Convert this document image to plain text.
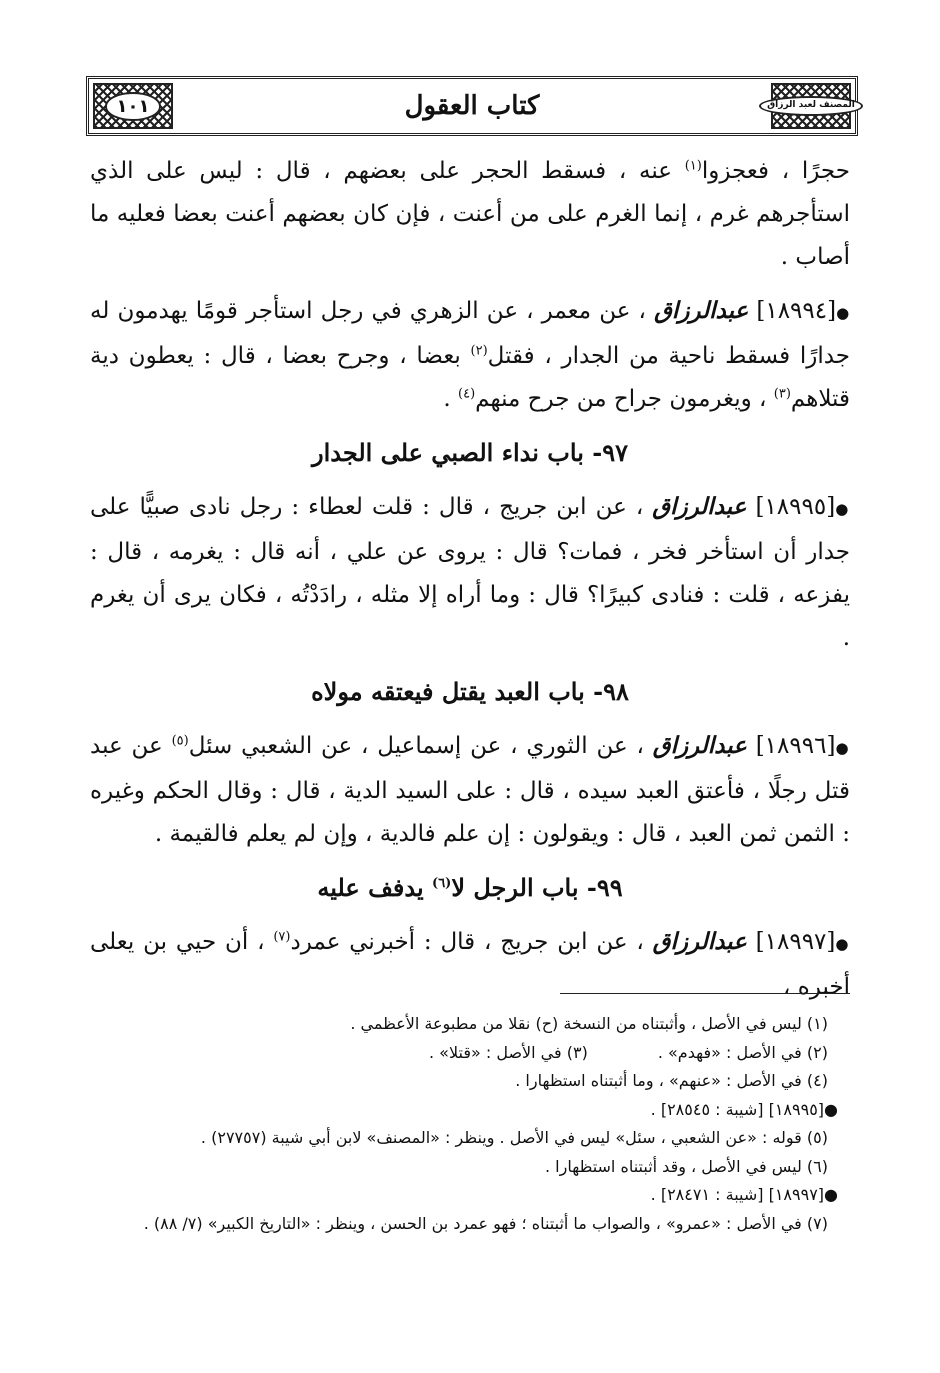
١٠١	كتاب العقول	المصنف لعبد الرزاق

حجرًا ، فعجزوا$^{(١)}$ عنه ، فسقط الحجر على بعضهم ، قال : ليس على الذي استأجرهم غرم ، إنما الغرم على من أعنت ، فإن كان بعضهم أعنت بعضا فعليه ما أصاب .

●[١٨٩٩٤] عبدالرزاق ، عن معمر ، عن الزهري في رجل استأجر قومًا يهدمون له جدارًا فسقط ناحية من الجدار ، فقتل$^{(٢)}$ بعضا ، وجرح بعضا ، قال : يعطون دية قتلاهم$^{(٣)}$ ، ويغرمون جراح من جرح منهم$^{(٤)}$ .

٩٧- باب نداء الصبي على الجدار

●[١٨٩٩٥] عبدالرزاق ، عن ابن جريج ، قال : قلت لعطاء : رجل نادى صبيًّا على جدار أن استأخر فخر ، فمات؟ قال : يروى عن علي ، أنه قال : يغرمه ، قال : يفزعه ، قلت : فنادى كبيرًا؟ قال : وما أراه إلا مثله ، رادَدْتُه ، فكان يرى أن يغرم .

٩٨- باب العبد يقتل فيعتقه مولاه

●[١٨٩٩٦] عبدالرزاق ، عن الثوري ، عن إسماعيل ، عن الشعبي سئل$^{(٥)}$ عن عبد قتل رجلًا ، فأعتق العبد سيده ، قال : على السيد الدية ، قال : وقال الحكم وغيره : الثمن ثمن العبد ، قال : ويقولون : إن علم فالدية ، وإن لم يعلم فالقيمة .

٩٩- باب الرجل لا$^{(٦)}$ يدفف عليه

●[١٨٩٩٧] عبدالرزاق ، عن ابن جريج ، قال : أخبرني عمرد$^{(٧)}$ ، أن حيي بن يعلى أخبره ،

(١) ليس في الأصل ، وأثبتناه من النسخة (ح) نقلا من مطبوعة الأعظمي .
(٢) في الأصل : «فهدم» .
(٣) في الأصل : «قتلا» .
(٤) في الأصل : «عنهم» ، وما أثبتناه استظهارا .
●[١٨٩٩٥] [شيبة : ٢٨٥٤٥] .
(٥) قوله : «عن الشعبي ، سئل» ليس في الأصل . وينظر : «المصنف» لابن أبي شيبة (٢٧٧٥٧) .
(٦) ليس في الأصل ، وقد أثبتناه استظهارا .
●[١٨٩٩٧] [شيبة : ٢٨٤٧١] .
(٧) في الأصل : «عمرو» ، والصواب ما أثبتناه ؛ فهو عمرد بن الحسن ، وينظر : «التاريخ الكبير» (٧/ ٨٨) .
